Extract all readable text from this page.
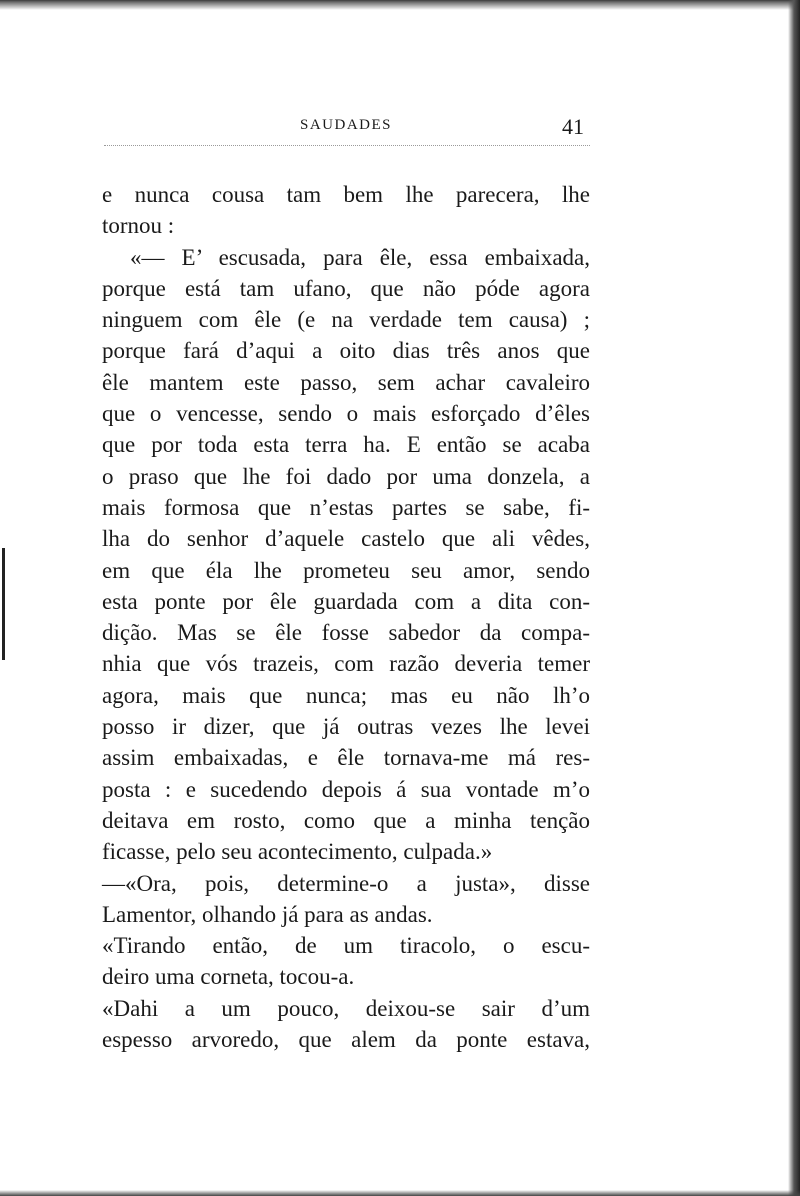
SAUDADES	41
e nunca cousa tam bem lhe parecera, lhe
tornou :
«— E’ escusada, para êle, essa embaixada,
porque está tam ufano, que não póde agora
ninguem com êle (e na verdade tem causa) ;
porque fará d’aqui a oito dias três anos que
êle mantem este passo, sem achar cavaleiro
que o vencesse, sendo o mais esforçado d’êles
que por toda esta terra ha. E então se acaba
o praso que lhe foi dado por uma donzela, a
mais formosa que n’estas partes se sabe, fi-
lha do senhor d’aquele castelo que ali vêdes,
em que éla lhe prometeu seu amor, sendo
esta ponte por êle guardada com a dita con-
dição. Mas se êle fosse sabedor da compa-
nhia que vós trazeis, com razão deveria temer
agora, mais que nunca; mas eu não lh’o
posso ir dizer, que já outras vezes lhe levei
assim embaixadas, e êle tornava-me má res-
posta : e sucedendo depois á sua vontade m’o
deitava em rosto, como que a minha tenção
ficasse, pelo seu acontecimento, culpada.»
—«Ora, pois, determine-o a justa», disse
Lamentor, olhando já para as andas.
«Tirando então, de um tiracolo, o escu-
deiro uma corneta, tocou-a.
«Dahi a um pouco, deixou-se sair d’um
espesso arvoredo, que alem da ponte estava,
